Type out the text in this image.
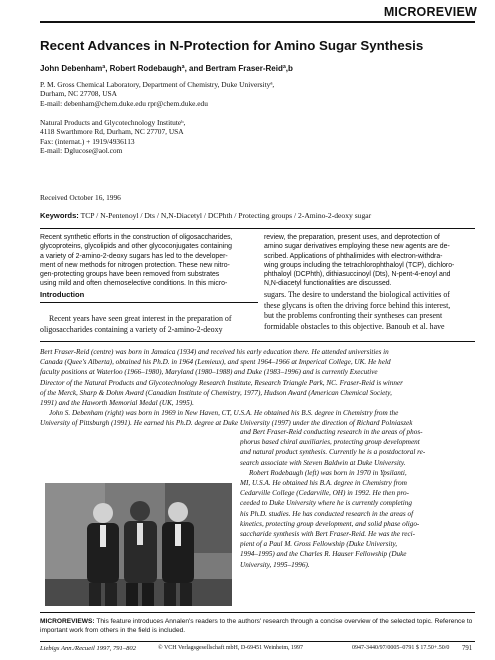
MICROREVIEW
Recent Advances in N-Protection for Amino Sugar Synthesis
John Debenhamª, Robert Rodebaughª, and Bertram Fraser-Reidª,b
P. M. Gross Chemical Laboratory, Department of Chemistry, Duke Universityª,
Durham, NC 27708, USA
E-mail: debenham@chem.duke.edu rpr@chem.duke.edu
Natural Products and Glycotechnology Instituteᵇ,
4118 Swarthmore Rd, Durham, NC 27707, USA
Fax: (internat.) + 1919/4936113
E-mail: Dglucose@aol.com
Received October 16, 1996
Keywords: TCP / N-Pentenoyl / Dts / N,N-Diacetyl / DCPhth / Protecting groups / 2-Amino-2-deoxy sugar
Recent synthetic efforts in the construction of oligosaccharides,
glycoproteins, glycolipids and other glycoconjugates containing
a variety of 2-amino-2-deoxy sugars has led to the developer-
ment of new methods for nitrogen protection. These new nitro-
gen-protecting groups have been removed from substrates
using mild and often chemoselective conditions. In this micro-
review, the preparation, present uses, and deprotection of
amino sugar derivatives employing these new agents are de-
scribed. Applications of phthalimides with electron-withdra-
wing groups including the tetrachlorophthaloyl (TCP), dichloro-
phthaloyl (DCPhth), dithiasuccinoyl (Dts), N-pent-4-enoyl and
N,N-diacetyl functionalities are discussed.
Introduction
Recent years have seen great interest in the preparation of
oligosaccharides containing a variety of 2-amino-2-deoxy
sugars. The desire to understand the biological activities of
these glycans is often the driving force behind this interest,
but the problems confronting their syntheses can present
formidable obstacles to this objective. Banoub et al. have
Bert Fraser-Reid (centre) was born in Jamaica (1934) and received his early education there. He attended universities in
Canada (Quee's Alberta), obtained his Ph.D. in 1964 (Lemieux), and spent 1964–1966 at Imperical College, UK. He held
faculty positions at Waterloo (1966–1980), Maryland (1980–1988) and Duke (1983–1996) and is currently Executive
Director of the Natural Products and Glycotechnology Research Institute, Research Triangle Park, NC. Fraser-Reid is winner
of the Merck, Sharp & Dohm Award (Canadian Institute of Chemistry, 1977), Hudson Award (American Chemical Society,
1991) and the Haworth Memorial Medal (UK, 1995).
John S. Debenham (right) was born in 1969 in New Haven, CT, U.S.A. He obtained his B.S. degree in Chemistry from the
University of Pittsburgh (1991). He earned his Ph.D. degree at Duke University (1997) under the direction of Richard Polniaszek
and Bert Fraser-Reid conducting research in the areas of phos-
phorus based chiral auxiliaries, protecting group development
and natural product synthesis. Currently he is a postdoctoral re-
search associate with Steven Baldwin at Duke University.
Robert Rodebaugh (left) was born in 1970 in Ypsilanti,
MI, U.S.A. He obtained his B.A. degree in Chemistry from
Cedarville College (Cedarville, OH) in 1992. He then pro-
ceeded to Duke University where he is currently completing
his Ph.D. studies. He has conducted research in the areas of
kinetics, protecting group development, and solid phase oligo-
saccharide synthesis with Bert Fraser-Reid. He was the reci-
pient of a Paul M. Gross Fellowship (Duke University,
1994–1995) and the Charles R. Hauser Fellowship (Duke
University, 1995–1996).
MICROREVIEWS: This feature introduces Annalen's readers to the authors' research through a concise overview of the selected topic. Reference to important work from others in the field is included.
Liebigs Ann./Recueil 1997, 791–802	© VCH Verlagsgesellschaft mbH, D-69451 Weinheim, 1997	0947-3440/97/0005–0791 $ 17.50+.50/0 791
